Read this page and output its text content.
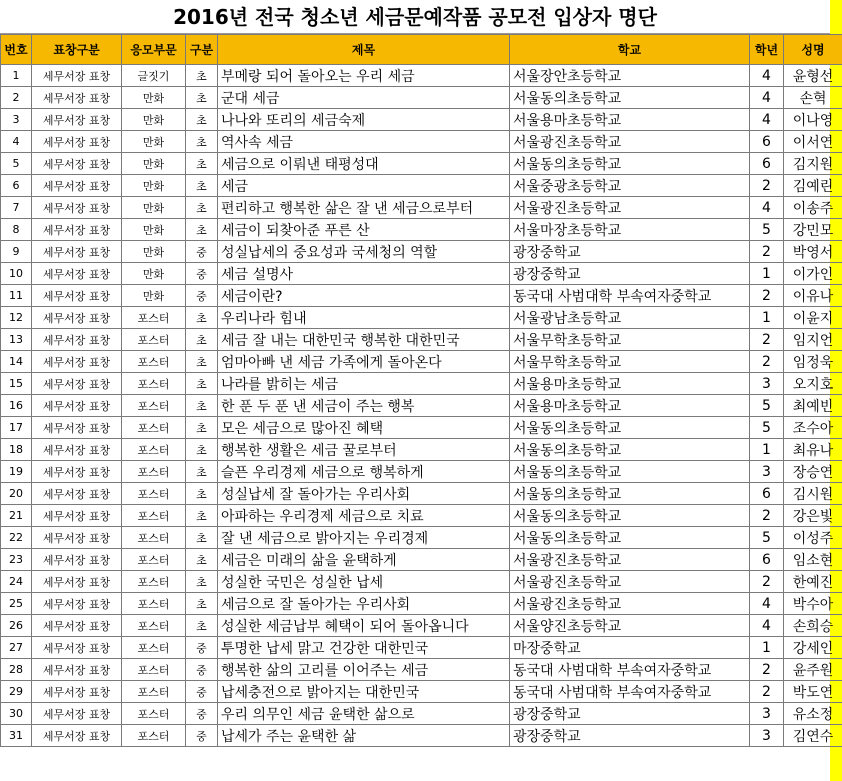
2016년 전국 청소년 세금문예작품 공모전 입상자 명단
번호	표창구분	응모부문	구분	제목	학교	학년	성명
1	세무서장 표창	글짓기	초	부메랑 되어 돌아오는 우리 세금	서울장안초등학교	4	윤형선
2	세무서장 표창	만화	초	군대 세금	서울동의초등학교	4	손혁
3	세무서장 표창	만화	초	나나와 또리의 세금숙제	서울용마초등학교	4	이나영
4	세무서장 표창	만화	초	역사속 세금	서울광진초등학교	6	이서연
5	세무서장 표창	만화	초	세금으로 이뤄낸 태평성대	서울동의초등학교	6	김지원
6	세무서장 표창	만화	초	세금	서울중광초등학교	2	김예린
7	세무서장 표창	만화	초	편리하고 행복한 삶은 잘 낸 세금으로부터	서울광진초등학교	4	이송주
8	세무서장 표창	만화	초	세금이 되찾아준 푸른 산	서울마장초등학교	5	강민모
9	세무서장 표창	만화	중	성실납세의 중요성과 국세청의 역할	광장중학교	2	박영서
10	세무서장 표창	만화	중	세금 설명사	광장중학교	1	이가인
11	세무서장 표창	만화	중	세금이란?	동국대 사범대학 부속여자중학교	2	이유나
12	세무서장 표창	포스터	초	우리나라 힘내	서울광남초등학교	1	이윤지
13	세무서장 표창	포스터	초	세금 잘 내는 대한민국 행복한 대한민국	서울무학초등학교	2	임지언
14	세무서장 표창	포스터	초	엄마아빠 낸 세금 가족에게 돌아온다	서울무학초등학교	2	임정욱
15	세무서장 표창	포스터	초	나라를 밝히는 세금	서울용마초등학교	3	오지호
16	세무서장 표창	포스터	초	한 푼 두 푼 낸 세금이 주는 행복	서울용마초등학교	5	최예빈
17	세무서장 표창	포스터	초	모은 세금으로 많아진 혜택	서울동의초등학교	5	조수아
18	세무서장 표창	포스터	초	행복한 생활은 세금 꿀로부터	서울동의초등학교	1	최유나
19	세무서장 표창	포스터	초	슬픈 우리경제 세금으로 행복하게	서울동의초등학교	3	장승연
20	세무서장 표창	포스터	초	성실납세 잘 돌아가는 우리사회	서울동의초등학교	6	김시원
21	세무서장 표창	포스터	초	아파하는 우리경제 세금으로 치료	서울동의초등학교	2	강은빛
22	세무서장 표창	포스터	초	잘 낸 세금으로 밝아지는 우리경제	서울동의초등학교	5	이성주
23	세무서장 표창	포스터	초	세금은 미래의 삶을 윤택하게	서울광진초등학교	6	임소현
24	세무서장 표창	포스터	초	성실한 국민은 성실한 납세	서울광진초등학교	2	한예진
25	세무서장 표창	포스터	초	세금으로 잘 돌아가는 우리사회	서울광진초등학교	4	박수아
26	세무서장 표창	포스터	초	성실한 세금납부 혜택이 되어 돌아옵니다	서울양진초등학교	4	손희승
27	세무서장 표창	포스터	중	투명한 납세 맑고 건강한 대한민국	마장중학교	1	강세인
28	세무서장 표창	포스터	중	행복한 삶의 고리를 이어주는 세금	동국대 사범대학 부속여자중학교	2	윤주원
29	세무서장 표창	포스터	중	납세충전으로 밝아지는 대한민국	동국대 사범대학 부속여자중학교	2	박도연
30	세무서장 표창	포스터	중	우리 의무인 세금 윤택한 삶으로	광장중학교	3	유소정
31	세무서장 표창	포스터	중	납세가 주는 윤택한 삶	광장중학교	3	김연수
